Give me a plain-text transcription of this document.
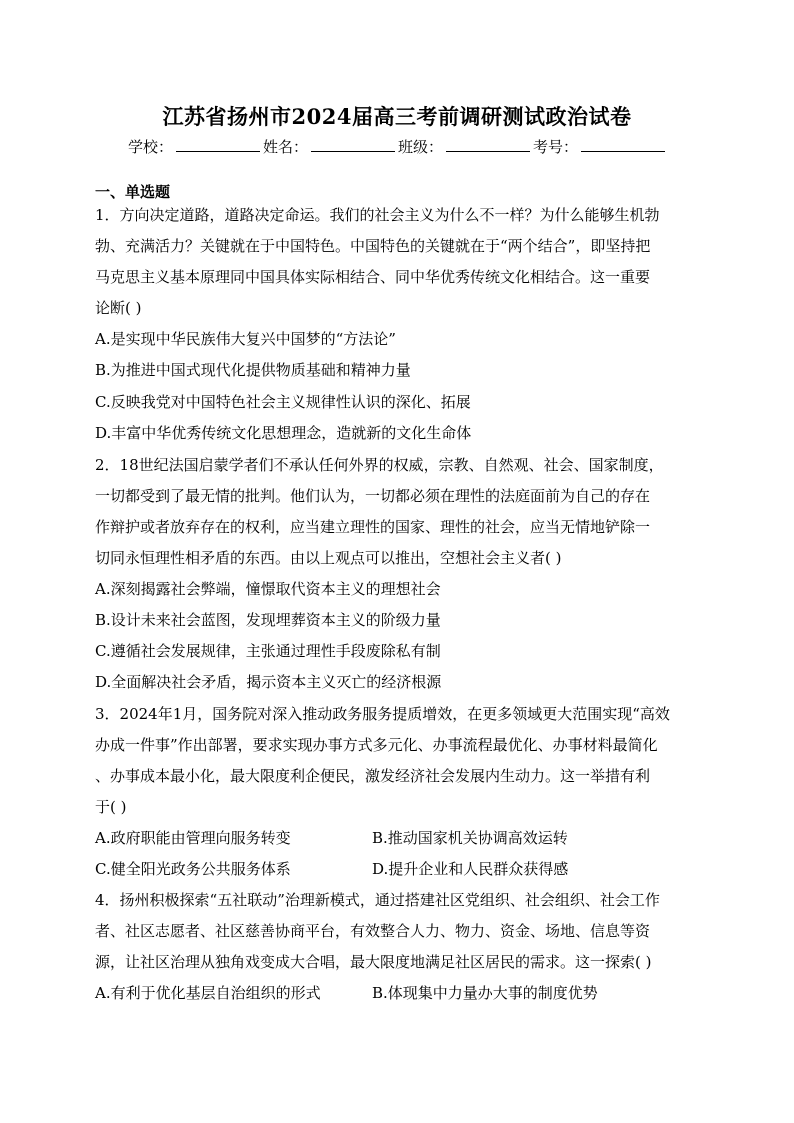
江苏省扬州市2024届高三考前调研测试政治试卷
学校：	姓名：	班级：	考号：
一、单选题
1．方向决定道路，道路决定命运。我们的社会主义为什么不一样？为什么能够生机勃
勃、充满活力？关键就在于中国特色。中国特色的关键就在于“两个结合”，即坚持把
马克思主义基本原理同中国具体实际相结合、同中华优秀传统文化相结合。这一重要
论断( )
A.是实现中华民族伟大复兴中国梦的“方法论”
B.为推进中国式现代化提供物质基础和精神力量
C.反映我党对中国特色社会主义规律性认识的深化、拓展
D.丰富中华优秀传统文化思想理念，造就新的文化生命体
2．18世纪法国启蒙学者们不承认任何外界的权威，宗教、自然观、社会、国家制度，
一切都受到了最无情的批判。他们认为，一切都必须在理性的法庭面前为自己的存在
作辩护或者放弃存在的权利，应当建立理性的国家、理性的社会，应当无情地铲除一
切同永恒理性相矛盾的东西。由以上观点可以推出，空想社会主义者( )
A.深刻揭露社会弊端，憧憬取代资本主义的理想社会
B.设计未来社会蓝图，发现埋葬资本主义的阶级力量
C.遵循社会发展规律，主张通过理性手段废除私有制
D.全面解决社会矛盾，揭示资本主义灭亡的经济根源
3．2024年1月，国务院对深入推动政务服务提质增效，在更多领域更大范围实现“高效
办成一件事”作出部署，要求实现办事方式多元化、办事流程最优化、办事材料最简化
、办事成本最小化，最大限度利企便民，激发经济社会发展内生动力。这一举措有利
于( )
A.政府职能由管理向服务转变	B.推动国家机关协调高效运转
C.健全阳光政务公共服务体系	D.提升企业和人民群众获得感
4．扬州积极探索“五社联动”治理新模式，通过搭建社区党组织、社会组织、社会工作
者、社区志愿者、社区慈善协商平台，有效整合人力、物力、资金、场地、信息等资
源，让社区治理从独角戏变成大合唱，最大限度地满足社区居民的需求。这一探索( )
A.有利于优化基层自治组织的形式	B.体现集中力量办大事的制度优势
